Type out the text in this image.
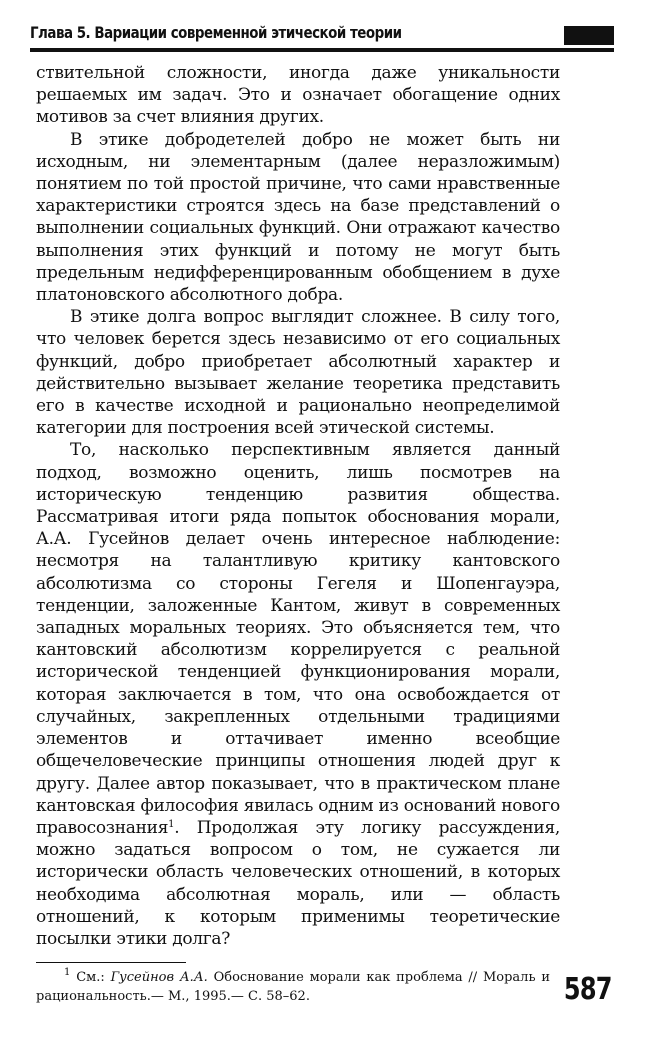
Глава 5. Вариации современной этической теории

ствительной сложности, иногда даже уникальности решаемых им задач. Это и означает обогащение одних мотивов за счет влияния других.

В этике добродетелей добро не может быть ни исходным, ни элементарным (далее неразложимым) понятием по той простой причине, что сами нравственные характеристики строятся здесь на базе представлений о выполнении социальных функций. Они отражают качество выполнения этих функций и потому не могут быть предельным недифференцированным обобщением в духе платоновского абсолютного добра.

В этике долга вопрос выглядит сложнее. В силу того, что человек берется здесь независимо от его социальных функций, добро приобретает абсолютный характер и действительно вызывает желание теоретика представить его в качестве исходной и рационально неопределимой категории для построения всей этической системы.

То, насколько перспективным является данный подход, возможно оценить, лишь посмотрев на историческую тенденцию развития общества. Рассматривая итоги ряда попыток обоснования морали, А.А. Гусейнов делает очень интересное наблюдение: несмотря на талантливую критику кантовского абсолютизма со стороны Гегеля и Шопенгауэра, тенденции, заложенные Кантом, живут в современных западных моральных теориях. Это объясняется тем, что кантовский абсолютизм коррелируется с реальной исторической тенденцией функционирования морали, которая заключается в том, что она освобождается от случайных, закрепленных отдельными традициями элементов и оттачивает именно всеобщие общечеловеческие принципы отношения людей друг к другу. Далее автор показывает, что в практическом плане кантовская философия явилась одним из оснований нового правосознания$^1$. Продолжая эту логику рассуждения, можно задаться вопросом о том, не сужается ли исторически область человеческих отношений, в которых необходима абсолютная мораль, или — область отношений, к которым применимы теоретические посылки этики долга?

$^1$ См.: Гусейнов А.А. Обоснование морали как проблема // Мораль и рациональность.— М., 1995.— С. 58–62.	587
